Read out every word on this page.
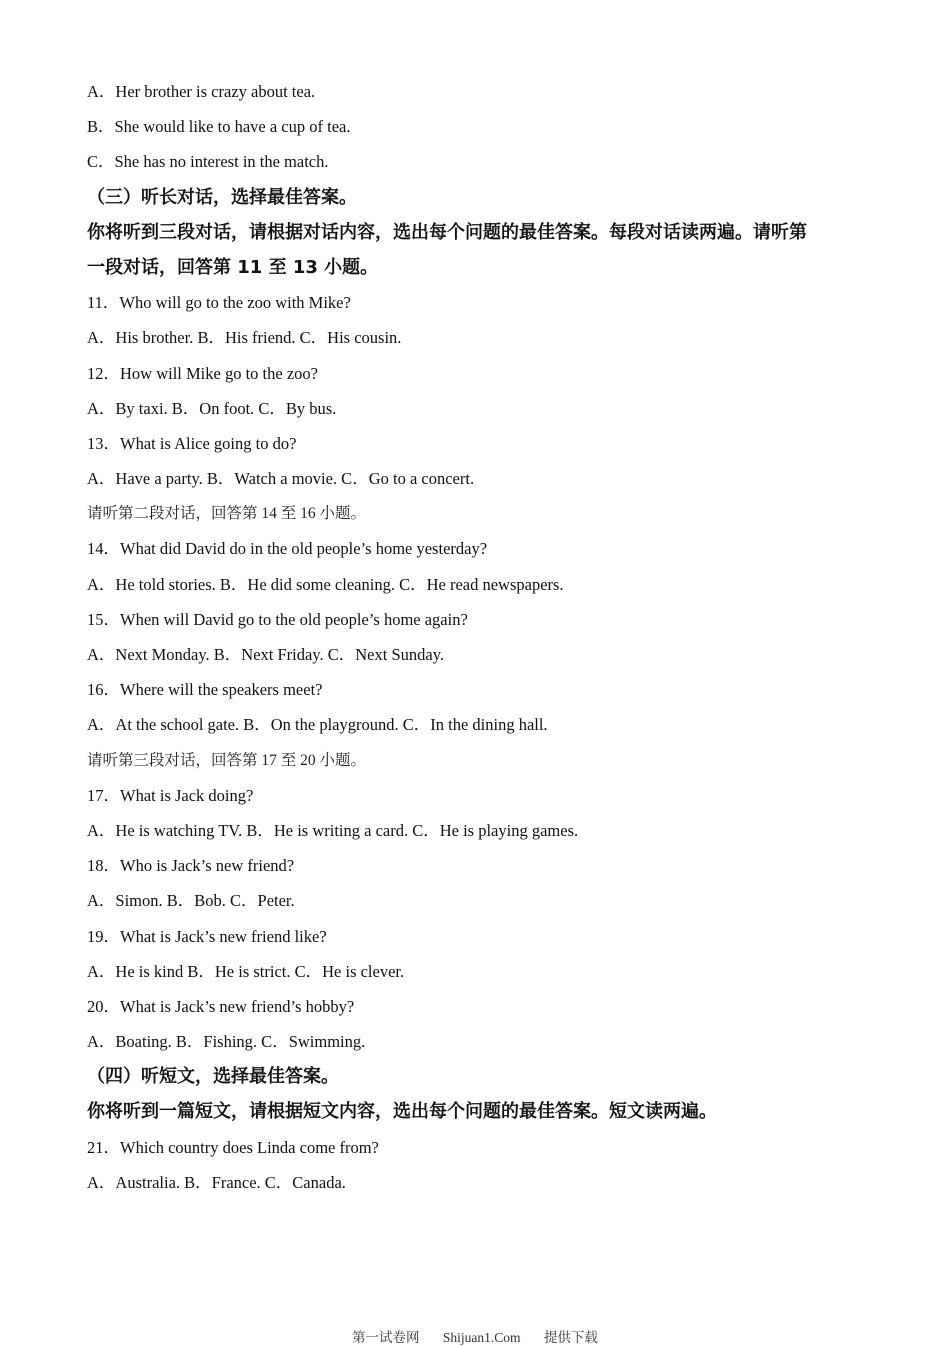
A．Her brother is crazy about tea.
B．She would like to have a cup of tea.
C．She has no interest in the match.
（三）听长对话，选择最佳答案。
你将听到三段对话，请根据对话内容，选出每个问题的最佳答案。每段对话读两遍。请听第
一段对话，回答第 11 至 13 小题。
11．Who will go to the zoo with Mike?
A．His brother. B．His friend. C．His cousin.
12．How will Mike go to the zoo?
A．By taxi. B．On foot. C．By bus.
13．What is Alice going to do?
A．Have a party. B．Watch a movie. C．Go to a concert.
请听第二段对话，回答第 14 至 16 小题。
14．What did David do in the old people’s home yesterday?
A．He told stories. B．He did some cleaning. C．He read newspapers.
15．When will David go to the old people’s home again?
A．Next Monday. B．Next Friday. C．Next Sunday.
16．Where will the speakers meet?
A．At the school gate. B．On the playground. C．In the dining hall.
请听第三段对话，回答第 17 至 20 小题。
17．What is Jack doing?
A．He is watching TV. B．He is writing a card. C．He is playing games.
18．Who is Jack’s new friend?
A．Simon. B．Bob. C．Peter.
19．What is Jack’s new friend like?
A．He is kind B．He is strict. C．He is clever.
20．What is Jack’s new friend’s hobby?
A．Boating. B．Fishing. C．Swimming.
（四）听短文，选择最佳答案。
你将听到一篇短文，请根据短文内容，选出每个问题的最佳答案。短文读两遍。
21．Which country does Linda come from?
A．Australia. B．France. C．Canada.
第一试卷网 Shijuan1.Com 提供下载
